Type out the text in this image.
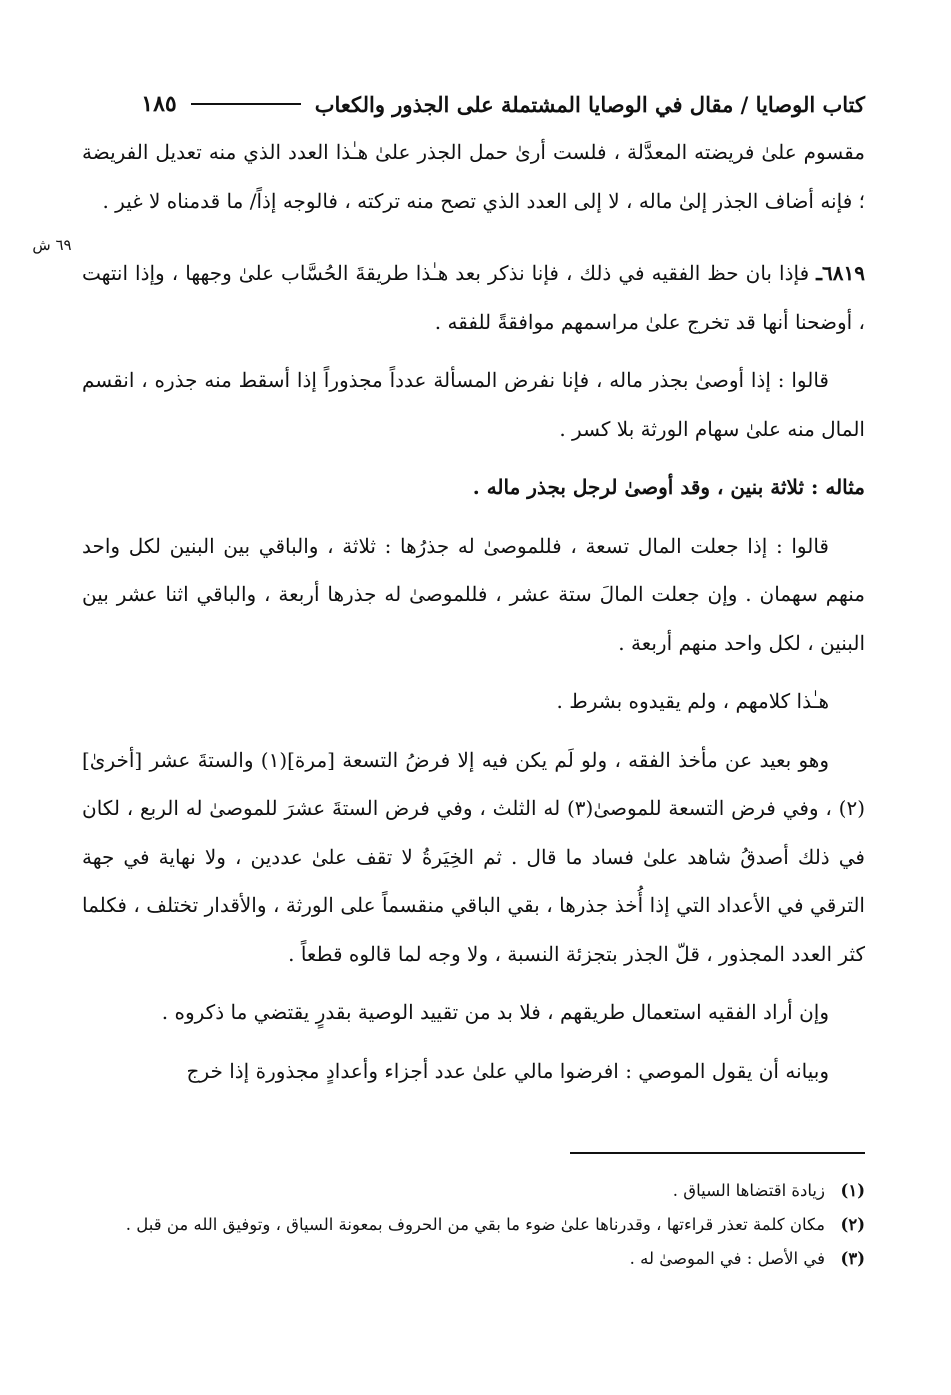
كتاب الوصايا / مقال في الوصايا المشتملة على الجذور والكعاب
١٨٥
٦٩ ش

مقسوم علىٰ فريضته المعدَّلة ، فلست أرىٰ حمل الجذر علىٰ هـٰذا العدد الذي منه تعديل الفريضة ؛ فإنه أضاف الجذر إلىٰ ماله ، لا إلى العدد الذي تصح منه تركته ، فالوجه إذاً/ ما قدمناه لا غير .

٦٨١٩ـ فإذا بان حظ الفقيه في ذلك ، فإنا نذكر بعد هـٰذا طريقةَ الحُسَّاب علىٰ وجهها ، وإذا انتهت ، أوضحنا أنها قد تخرج علىٰ مراسمهم موافقةً للفقه .

قالوا : إذا أوصىٰ بجذر ماله ، فإنا نفرض المسألة عدداً مجذوراً إذا أسقط منه جذره ، انقسم المال منه علىٰ سهام الورثة بلا كسر .

مثاله : ثلاثة بنين ، وقد أوصىٰ لرجل بجذر ماله .

قالوا : إذا جعلت المال تسعة ، فللموصىٰ له جذرُها : ثلاثة ، والباقي بين البنين لكل واحد منهم سهمان . وإن جعلت المالَ ستة عشر ، فللموصىٰ له جذرها أربعة ، والباقي اثنا عشر بين البنين ، لكل واحد منهم أربعة .

هـٰذا كلامهم ، ولم يقيدوه بشرط .

وهو بعيد عن مأخذ الفقه ، ولو لَم يكن فيه إلا فرضُ التسعة [مرة](١) والستةَ عشر [أخرىٰ](٢) ، وفي فرض التسعة للموصىٰ(٣) له الثلث ، وفي فرض الستةَ عشرَ للموصىٰ له الربع ، لكان في ذلك أصدقُ شاهد علىٰ فساد ما قال . ثم الخِيَرةُ لا تقف علىٰ عددين ، ولا نهاية في جهة الترقي في الأعداد التي إذا أُخذ جذرها ، بقي الباقي منقسماً على الورثة ، والأقدار تختلف ، فكلما كثر العدد المجذور ، قلّ الجذر بتجزئة النسبة ، ولا وجه لما قالوه قطعاً .

وإن أراد الفقيه استعمال طريقهم ، فلا بد من تقييد الوصية بقدرٍ يقتضي ما ذكروه .

وبيانه أن يقول الموصي : افرضوا مالي علىٰ عدد أجزاء وأعدادٍ مجذورة إذا خرج

(١)
زيادة اقتضاها السياق .
(٢)
مكان كلمة تعذر قراءتها ، وقدرناها علىٰ ضوء ما بقي من الحروف بمعونة السياق ، وتوفيق الله من قبل .
(٣)
في الأصل : في الموصىٰ له .
